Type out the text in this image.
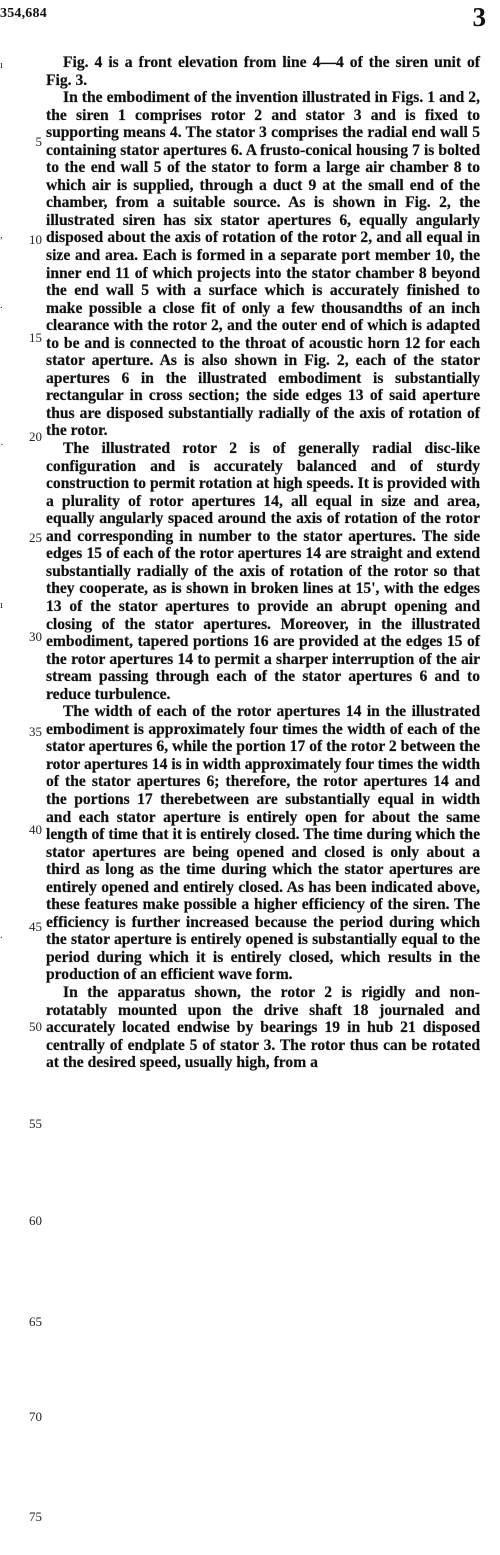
354,684	3
ı
,
.
·
ı
.
5
10
15
20
25
30
35
40
45
50
55
60
65
70
75

Fig. 4 is a front elevation from line 4—4 of the siren unit of Fig. 3.

In the embodiment of the invention illustrated in Figs. 1 and 2, the siren 1 comprises rotor 2 and stator 3 and is fixed to supporting means 4. The stator 3 comprises the radial end wall 5 containing stator apertures 6. A frusto-conical housing 7 is bolted to the end wall 5 of the stator to form a large air chamber 8 to which air is supplied, through a duct 9 at the small end of the chamber, from a suitable source. As is shown in Fig. 2, the illustrated siren has six stator apertures 6, equally angularly disposed about the axis of rotation of the rotor 2, and all equal in size and area. Each is formed in a separate port member 10, the inner end 11 of which projects into the stator chamber 8 beyond the end wall 5 with a surface which is accurately finished to make possible a close fit of only a few thousandths of an inch clearance with the rotor 2, and the outer end of which is adapted to be and is connected to the throat of acoustic horn 12 for each stator aperture. As is also shown in Fig. 2, each of the stator apertures 6 in the illustrated embodiment is substantially rectangular in cross section; the side edges 13 of said aperture thus are disposed substantially radially of the axis of rotation of the rotor.

The illustrated rotor 2 is of generally radial disc-like configuration and is accurately balanced and of sturdy construction to permit rotation at high speeds. It is provided with a plurality of rotor apertures 14, all equal in size and area, equally angularly spaced around the axis of rotation of the rotor and corresponding in number to the stator apertures. The side edges 15 of each of the rotor apertures 14 are straight and extend substantially radially of the axis of rotation of the rotor so that they cooperate, as is shown in broken lines at 15', with the edges 13 of the stator apertures to provide an abrupt opening and closing of the stator apertures. Moreover, in the illustrated embodiment, tapered portions 16 are provided at the edges 15 of the rotor apertures 14 to permit a sharper interruption of the air stream passing through each of the stator apertures 6 and to reduce turbulence.

The width of each of the rotor apertures 14 in the illustrated embodiment is approximately four times the width of each of the stator apertures 6, while the portion 17 of the rotor 2 between the rotor apertures 14 is in width approximately four times the width of the stator apertures 6; therefore, the rotor apertures 14 and the portions 17 therebetween are substantially equal in width and each stator aperture is entirely open for about the same length of time that it is entirely closed. The time during which the stator apertures are being opened and closed is only about a third as long as the time during which the stator apertures are entirely opened and entirely closed. As has been indicated above, these features make possible a higher efficiency of the siren. The efficiency is further increased because the period during which the stator aperture is entirely opened is substantially equal to the period during which it is entirely closed, which results in the production of an efficient wave form.

In the apparatus shown, the rotor 2 is rigidly and non-rotatably mounted upon the drive shaft 18 journaled and accurately located endwise by bearings 19 in hub 21 disposed centrally of endplate 5 of stator 3. The rotor thus can be rotated at the desired speed, usually high, from a
